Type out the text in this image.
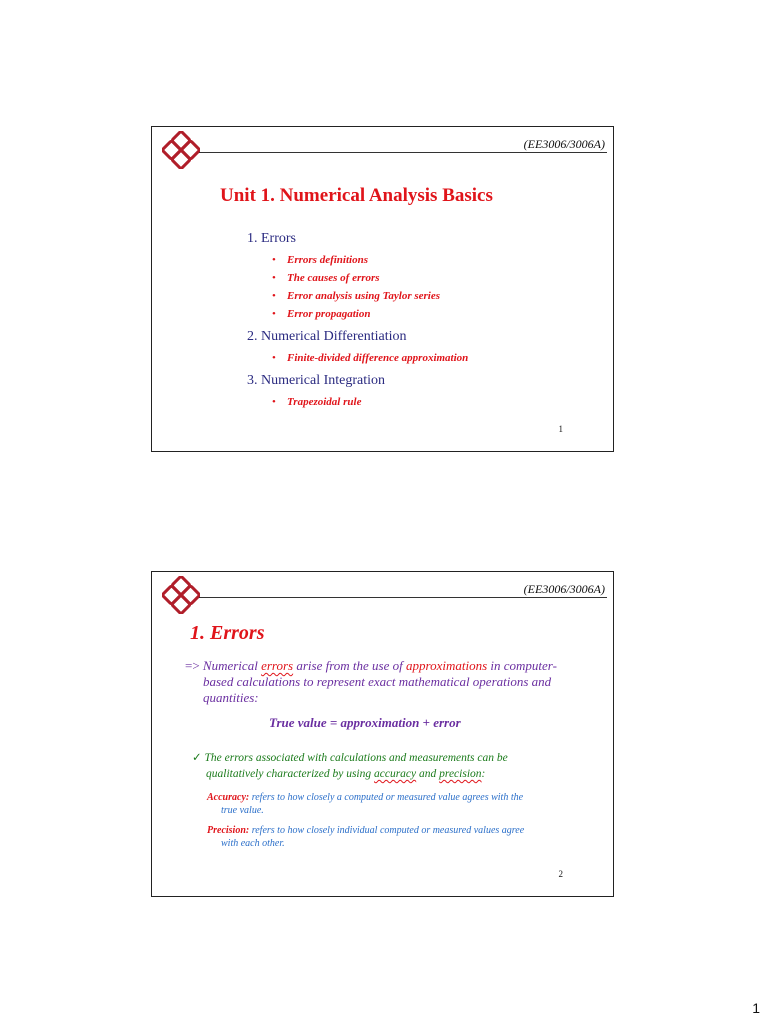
(EE3006/3006A)
Unit 1. Numerical Analysis Basics
1. Errors
• Errors definitions
• The causes of errors
• Error analysis using Taylor series
• Error propagation
2. Numerical Differentiation
• Finite-divided difference approximation
3. Numerical Integration
• Trapezoidal rule
1
(EE3006/3006A)
1. Errors
=> Numerical errors arise from the use of approximations in computer-
based calculations to represent exact mathematical operations and
quantities:
True value = approximation + error
✓ The errors associated with calculations and measurements can be
qualitatively characterized by using accuracy and precision:
Accuracy: refers to how closely a computed or measured value agrees with the
true value.
Precision: refers to how closely individual computed or measured values agree
with each other.
2
1
